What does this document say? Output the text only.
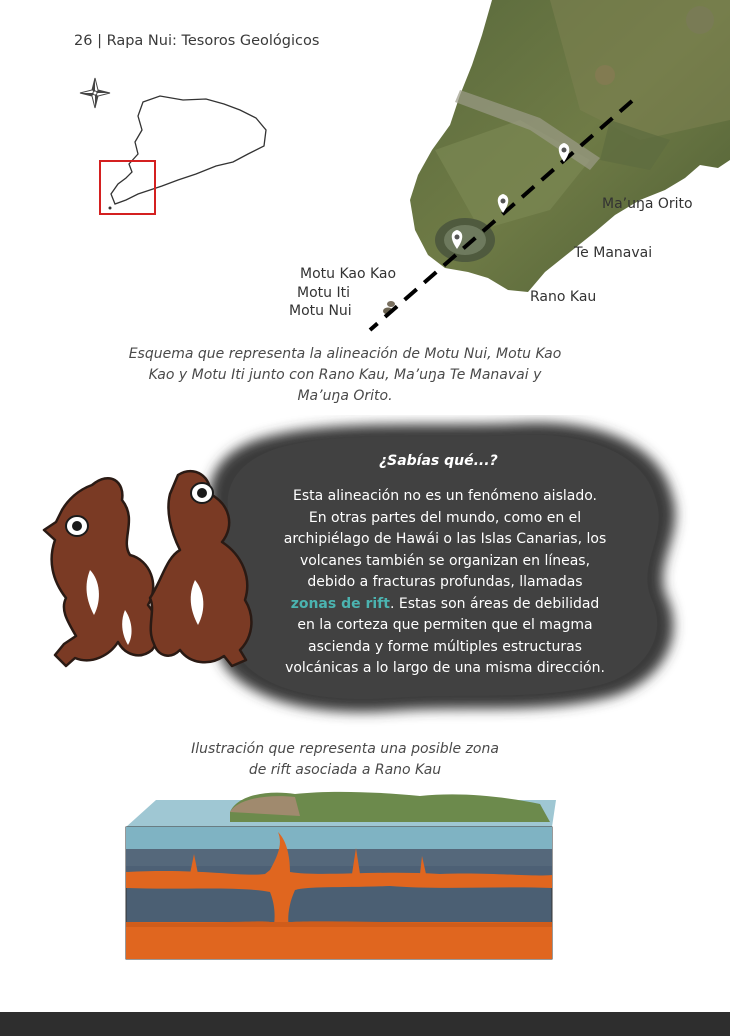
26 | Rapa Nui: Tesoros Geológicos
Ma’uŋa Orito
Te Manavai
Rano Kau
Motu Kao Kao
Motu Iti
Motu Nui
Esquema que representa la alineación de Motu Nui, Motu Kao
Kao y Motu Iti junto con Rano Kau, Ma’uŋa Te Manavai y
Ma’uŋa Orito.
¿Sabías qué...?
Esta alineación no es un fenómeno aislado.
En otras partes del mundo, como en el
archipiélago de Hawái o las Islas Canarias, los
volcanes también se organizan en líneas,
debido a fracturas profundas, llamadas
zonas de rift. Estas son áreas de debilidad
en la corteza que permiten que el magma
ascienda y forme múltiples estructuras
volcánicas a lo largo de una misma dirección.
Ilustración que representa una posible zona
de rift asociada a Rano Kau
